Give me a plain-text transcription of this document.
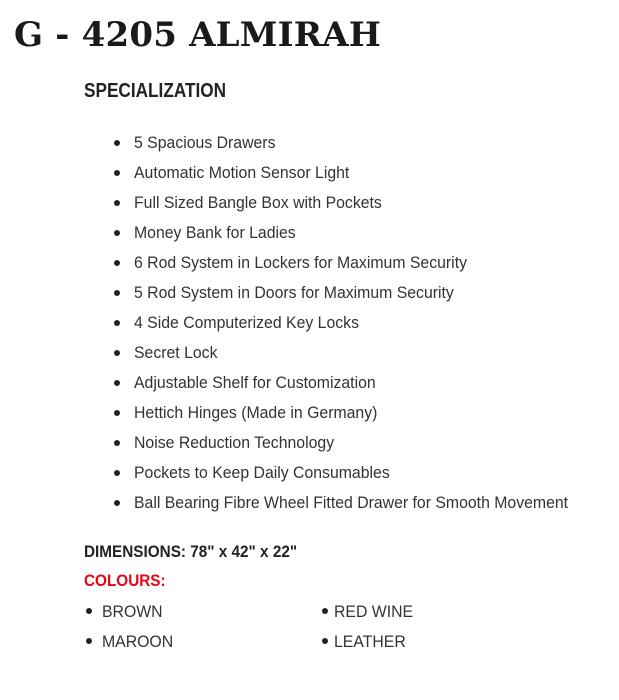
G - 4205 ALMIRAH
SPECIALIZATION
5 Spacious Drawers
Automatic Motion Sensor Light
Full Sized Bangle Box with Pockets
Money Bank for Ladies
6 Rod System in Lockers for Maximum Security
5 Rod System in Doors for Maximum Security
4 Side Computerized Key Locks
Secret Lock
Adjustable Shelf for Customization
Hettich Hinges (Made in Germany)
Noise Reduction Technology
Pockets to Keep Daily Consumables
Ball Bearing Fibre Wheel Fitted Drawer for Smooth Movement

DIMENSIONS: 78" x 42" x 22"

COLOURS:

BROWN	RED WINE
MAROON	LEATHER
